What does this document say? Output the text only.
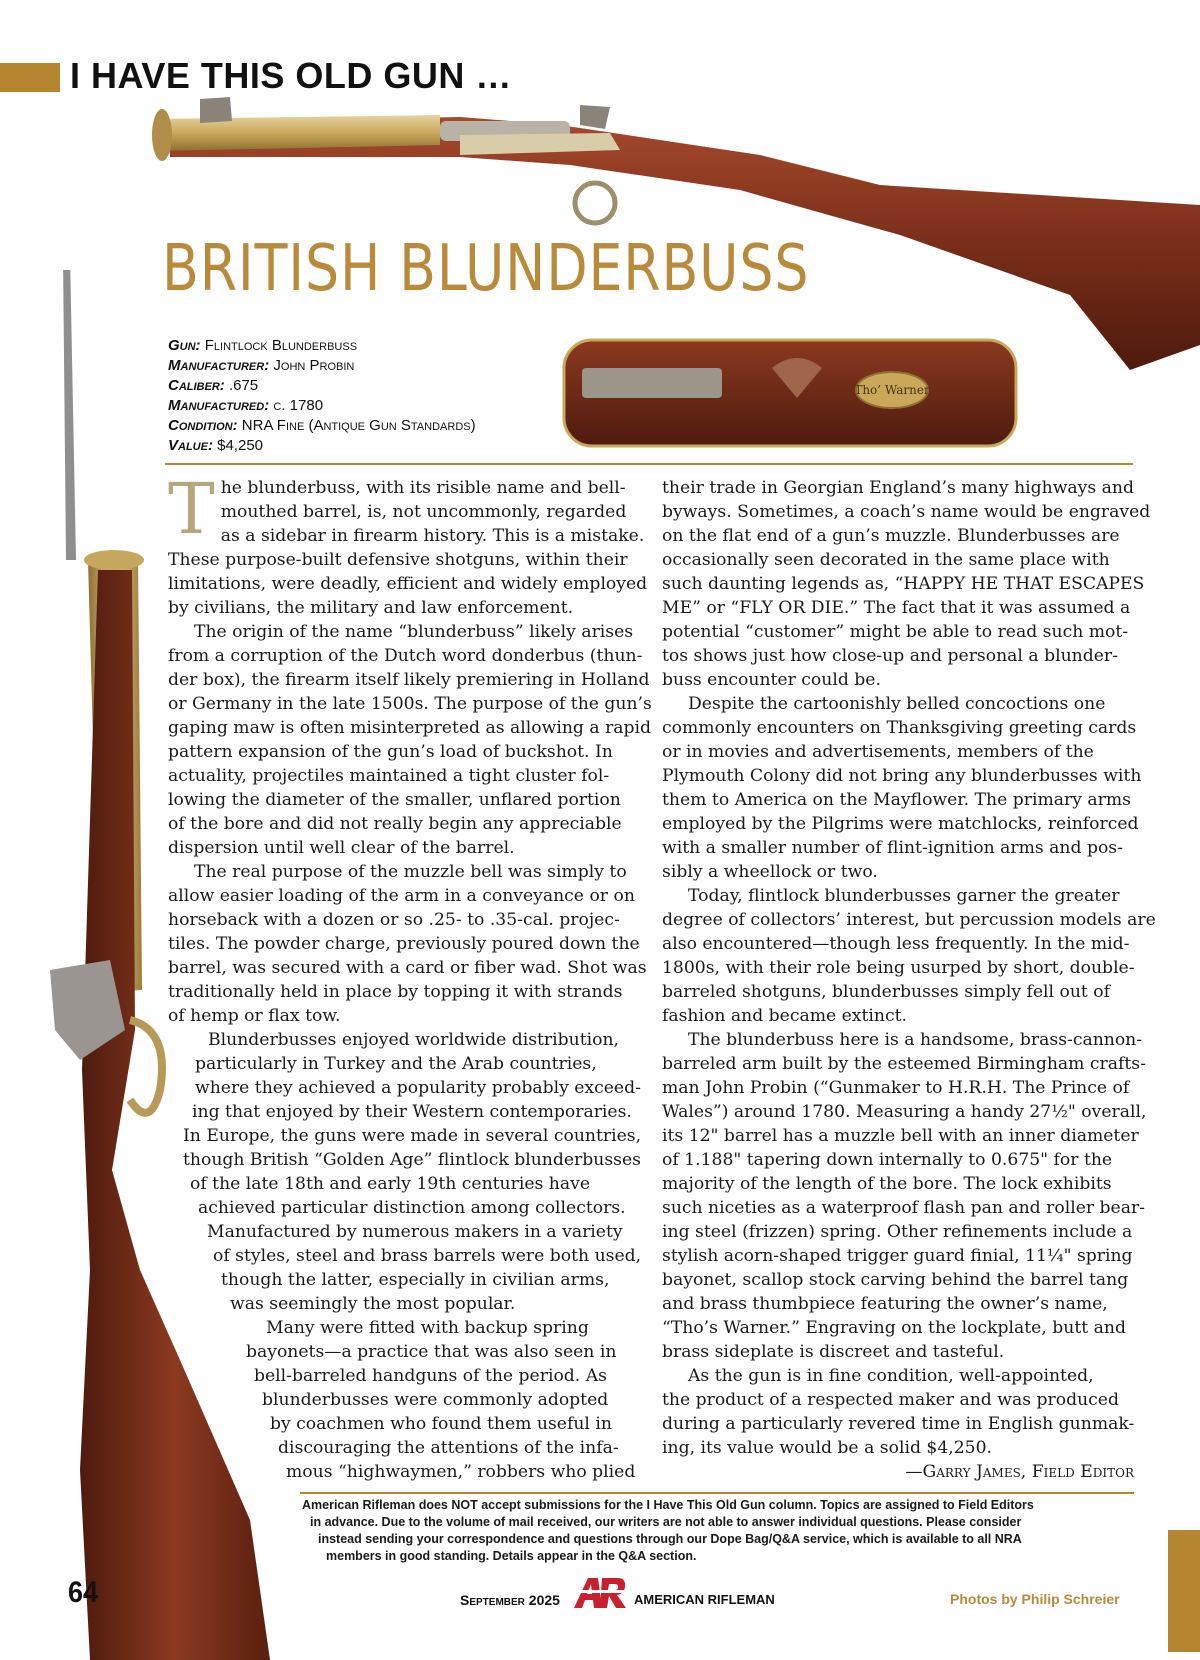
I HAVE THIS OLD GUN …
BRITISH BLUNDERBUSS
Gun: Flintlock Blunderbuss
Manufacturer: John Probin
Caliber: .675
Manufactured: c. 1780
Condition: NRA Fine (Antique Gun Standards)
Value: $4,250
Tho’ Warner
T he blunderbuss, with its risible name and bell-
mouthed barrel, is, not uncommonly, regarded
as a sidebar in firearm history. This is a mistake.
These purpose-built defensive shotguns, within their
limitations, were deadly, efficient and widely employed
by civilians, the military and law enforcement.
The origin of the name “blunderbuss” likely arises
from a corruption of the Dutch word donderbus (thun-
der box), the firearm itself likely premiering in Holland
or Germany in the late 1500s. The purpose of the gun’s
gaping maw is often misinterpreted as allowing a rapid
pattern expansion of the gun’s load of buckshot. In
actuality, projectiles maintained a tight cluster fol-
lowing the diameter of the smaller, unflared portion
of the bore and did not really begin any appreciable
dispersion until well clear of the barrel.
The real purpose of the muzzle bell was simply to
allow easier loading of the arm in a conveyance or on
horseback with a dozen or so .25- to .35-cal. projec-
tiles. The powder charge, previously poured down the
barrel, was secured with a card or fiber wad. Shot was
traditionally held in place by topping it with strands
of hemp or flax tow.
Blunderbusses enjoyed worldwide distribution,
particularly in Turkey and the Arab countries,
where they achieved a popularity probably exceed-
ing that enjoyed by their Western contemporaries.
In Europe, the guns were made in several countries,
though British “Golden Age” flintlock blunderbusses
of the late 18th and early 19th centuries have
achieved particular distinction among collectors.
Manufactured by numerous makers in a variety
of styles, steel and brass barrels were both used,
though the latter, especially in civilian arms,
was seemingly the most popular.
Many were fitted with backup spring
bayonets—a practice that was also seen in
bell-barreled handguns of the period. As
blunderbusses were commonly adopted
by coachmen who found them useful in
discouraging the attentions of the infa-
mous “highwaymen,” robbers who plied
their trade in Georgian England’s many highways and
byways. Sometimes, a coach’s name would be engraved
on the flat end of a gun’s muzzle. Blunderbusses are
occasionally seen decorated in the same place with
such daunting legends as, “HAPPY HE THAT ESCAPES
ME” or “FLY OR DIE.” The fact that it was assumed a
potential “customer” might be able to read such mot-
tos shows just how close-up and personal a blunder-
buss encounter could be.
Despite the cartoonishly belled concoctions one
commonly encounters on Thanksgiving greeting cards
or in movies and advertisements, members of the
Plymouth Colony did not bring any blunderbusses with
them to America on the Mayflower. The primary arms
employed by the Pilgrims were matchlocks, reinforced
with a smaller number of flint-ignition arms and pos-
sibly a wheellock or two.
Today, flintlock blunderbusses garner the greater
degree of collectors’ interest, but percussion models are
also encountered—though less frequently. In the mid-
1800s, with their role being usurped by short, double-
barreled shotguns, blunderbusses simply fell out of
fashion and became extinct.
The blunderbuss here is a handsome, brass-cannon-
barreled arm built by the esteemed Birmingham crafts-
man John Probin (“Gunmaker to H.R.H. The Prince of
Wales”) around 1780. Measuring a handy 27½" overall,
its 12" barrel has a muzzle bell with an inner diameter
of 1.188" tapering down internally to 0.675" for the
majority of the length of the bore. The lock exhibits
such niceties as a waterproof flash pan and roller bear-
ing steel (frizzen) spring. Other refinements include a
stylish acorn-shaped trigger guard finial, 11¼" spring
bayonet, scallop stock carving behind the barrel tang
and brass thumbpiece featuring the owner’s name,
“Tho’s Warner.” Engraving on the lockplate, butt and
brass sideplate is discreet and tasteful.
As the gun is in fine condition, well-appointed,
the product of a respected maker and was produced
during a particularly revered time in English gunmak-
ing, its value would be a solid $4,250.
—Garry James, Field Editor
American Rifleman does NOT accept submissions for the I Have This Old Gun column. Topics are assigned to Field Editors
in advance. Due to the volume of mail received, our writers are not able to answer individual questions. Please consider
instead sending your correspondence and questions through our Dope Bag/Q&A service, which is available to all NRA
members in good standing. Details appear in the Q&A section.
64	September 2025	AMERICAN RIFLEMAN	Photos by Philip Schreier
